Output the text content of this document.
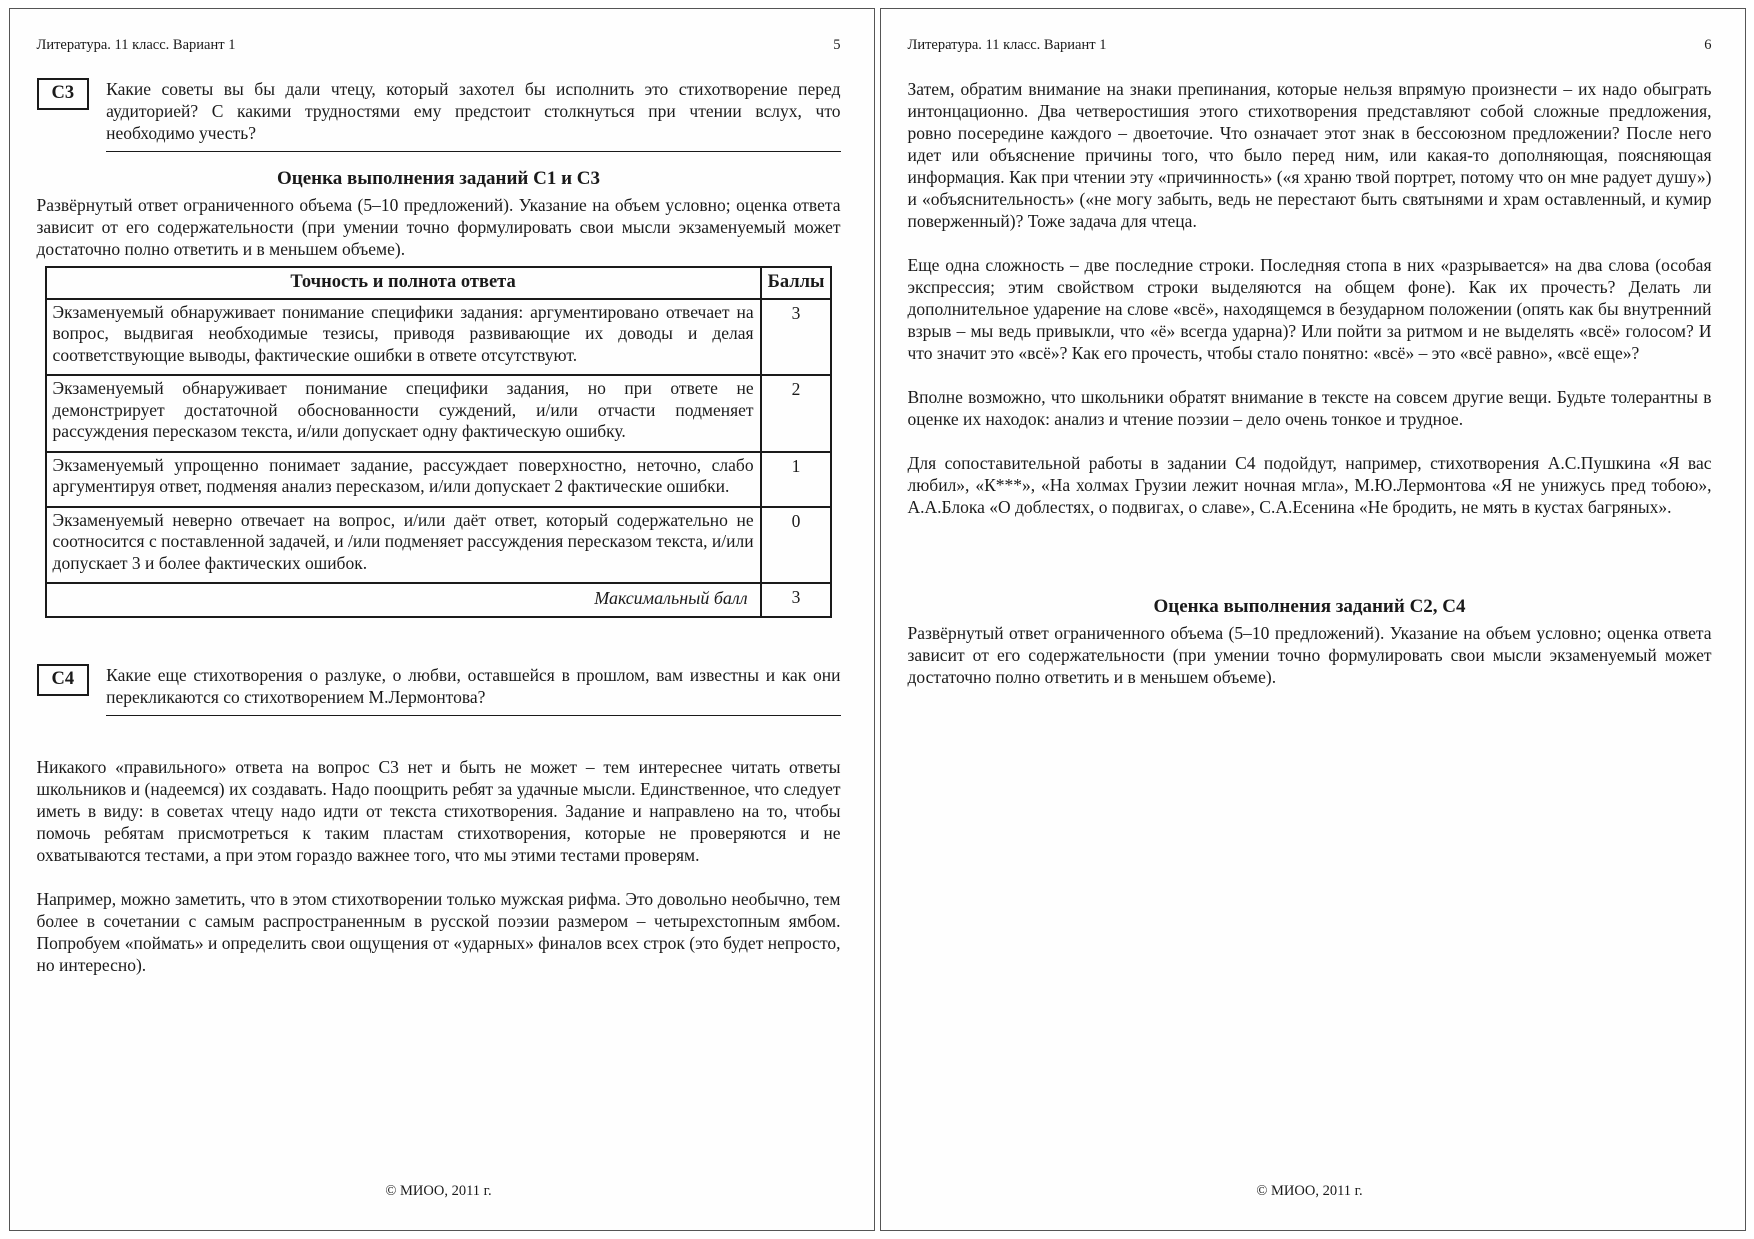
Литература. 11 класс. Вариант 1	5
С3	Какие советы вы бы дали чтецу, который захотел бы исполнить это стихотворение перед аудиторией? С какими трудностями ему предстоит столкнуться при чтении вслух, что необходимо учесть?
Оценка выполнения заданий С1 и С3
Развёрнутый ответ ограниченного объема (5–10 предложений). Указание на объем условно; оценка ответа зависит от его содержательности (при умении точно формулировать свои мысли экзаменуемый может достаточно полно ответить и в меньшем объеме).
Точность и полнота ответа	Баллы
Экзаменуемый обнаруживает понимание специфики задания: аргументировано отвечает на вопрос, выдвигая необходимые тезисы, приводя развивающие их доводы и делая соответствующие выводы, фактические ошибки в ответе отсутствуют.	3
Экзаменуемый обнаруживает понимание специфики задания, но при ответе не демонстрирует достаточной обоснованности суждений, и/или отчасти подменяет рассуждения пересказом текста, и/или допускает одну фактическую ошибку.	2
Экзаменуемый упрощенно понимает задание, рассуждает поверхностно, неточно, слабо аргументируя ответ, подменяя анализ пересказом, и/или допускает 2 фактические ошибки.	1
Экзаменуемый неверно отвечает на вопрос, и/или даёт ответ, который содержательно не соотносится с поставленной задачей, и /или подменяет рассуждения пересказом текста, и/или допускает 3 и более фактических ошибок.	0
Максимальный балл	3
С4	Какие еще стихотворения о разлуке, о любви, оставшейся в прошлом, вам известны и как они перекликаются со стихотворением М.Лермонтова?
Никакого «правильного» ответа на вопрос С3 нет и быть не может – тем интереснее читать ответы школьников и (надеемся) их создавать. Надо поощрить ребят за удачные мысли. Единственное, что следует иметь в виду: в советах чтецу надо идти от текста стихотворения. Задание и направлено на то, чтобы помочь ребятам присмотреться к таким пластам стихотворения, которые не проверяются и не охватываются тестами, а при этом гораздо важнее того, что мы этими тестами проверям.
Например, можно заметить, что в этом стихотворении только мужская рифма. Это довольно необычно, тем более в сочетании с самым распространенным в русской поэзии размером – четырехстопным ямбом. Попробуем «поймать» и определить свои ощущения от «ударных» финалов всех строк (это будет непросто, но интересно).
© МИОО, 2011 г.
Литература. 11 класс. Вариант 1	6
Затем, обратим внимание на знаки препинания, которые нельзя впрямую произнести – их надо обыграть интонцационно. Два четверостишия этого стихотворения представляют собой сложные предложения, ровно посередине каждого – двоеточие. Что означает этот знак в бессоюзном предложении? После него идет или объяснение причины того, что было перед ним, или какая-то дополняющая, поясняющая информация. Как при чтении эту «причинность» («я храню твой портрет, потому что он мне радует душу») и «объяснительность» («не могу забыть, ведь не перестают быть святынями и храм оставленный, и кумир поверженный)? Тоже задача для чтеца.
Еще одна сложность – две последние строки. Последняя стопа в них «разрывается» на два слова (особая экспрессия; этим свойством строки выделяются на общем фоне). Как их прочесть? Делать ли дополнительное ударение на слове «всё», находящемся в безударном положении (опять как бы внутренний взрыв – мы ведь привыкли, что «ё» всегда ударна)? Или пойти за ритмом и не выделять «всё» голосом? И что значит это «всё»? Как его прочесть, чтобы стало понятно: «всё» – это «всё равно», «всё еще»?
Вполне возможно, что школьники обратят внимание в тексте на совсем другие вещи. Будьте толерантны в оценке их находок: анализ и чтение поэзии – дело очень тонкое и трудное.
Для сопоставительной работы в задании С4 подойдут, например, стихотворения А.С.Пушкина «Я вас любил», «К***», «На холмах Грузии лежит ночная мгла», М.Ю.Лермонтова «Я не унижусь пред тобою», А.А.Блока «О доблестях, о подвигах, о славе», С.А.Есенина «Не бродить, не мять в кустах багряных».
Оценка выполнения заданий С2, С4
Развёрнутый ответ ограниченного объема (5–10 предложений). Указание на объем условно; оценка ответа зависит от его содержательности (при умении точно формулировать свои мысли экзаменуемый может достаточно полно ответить и в меньшем объеме).
© МИОО, 2011 г.
